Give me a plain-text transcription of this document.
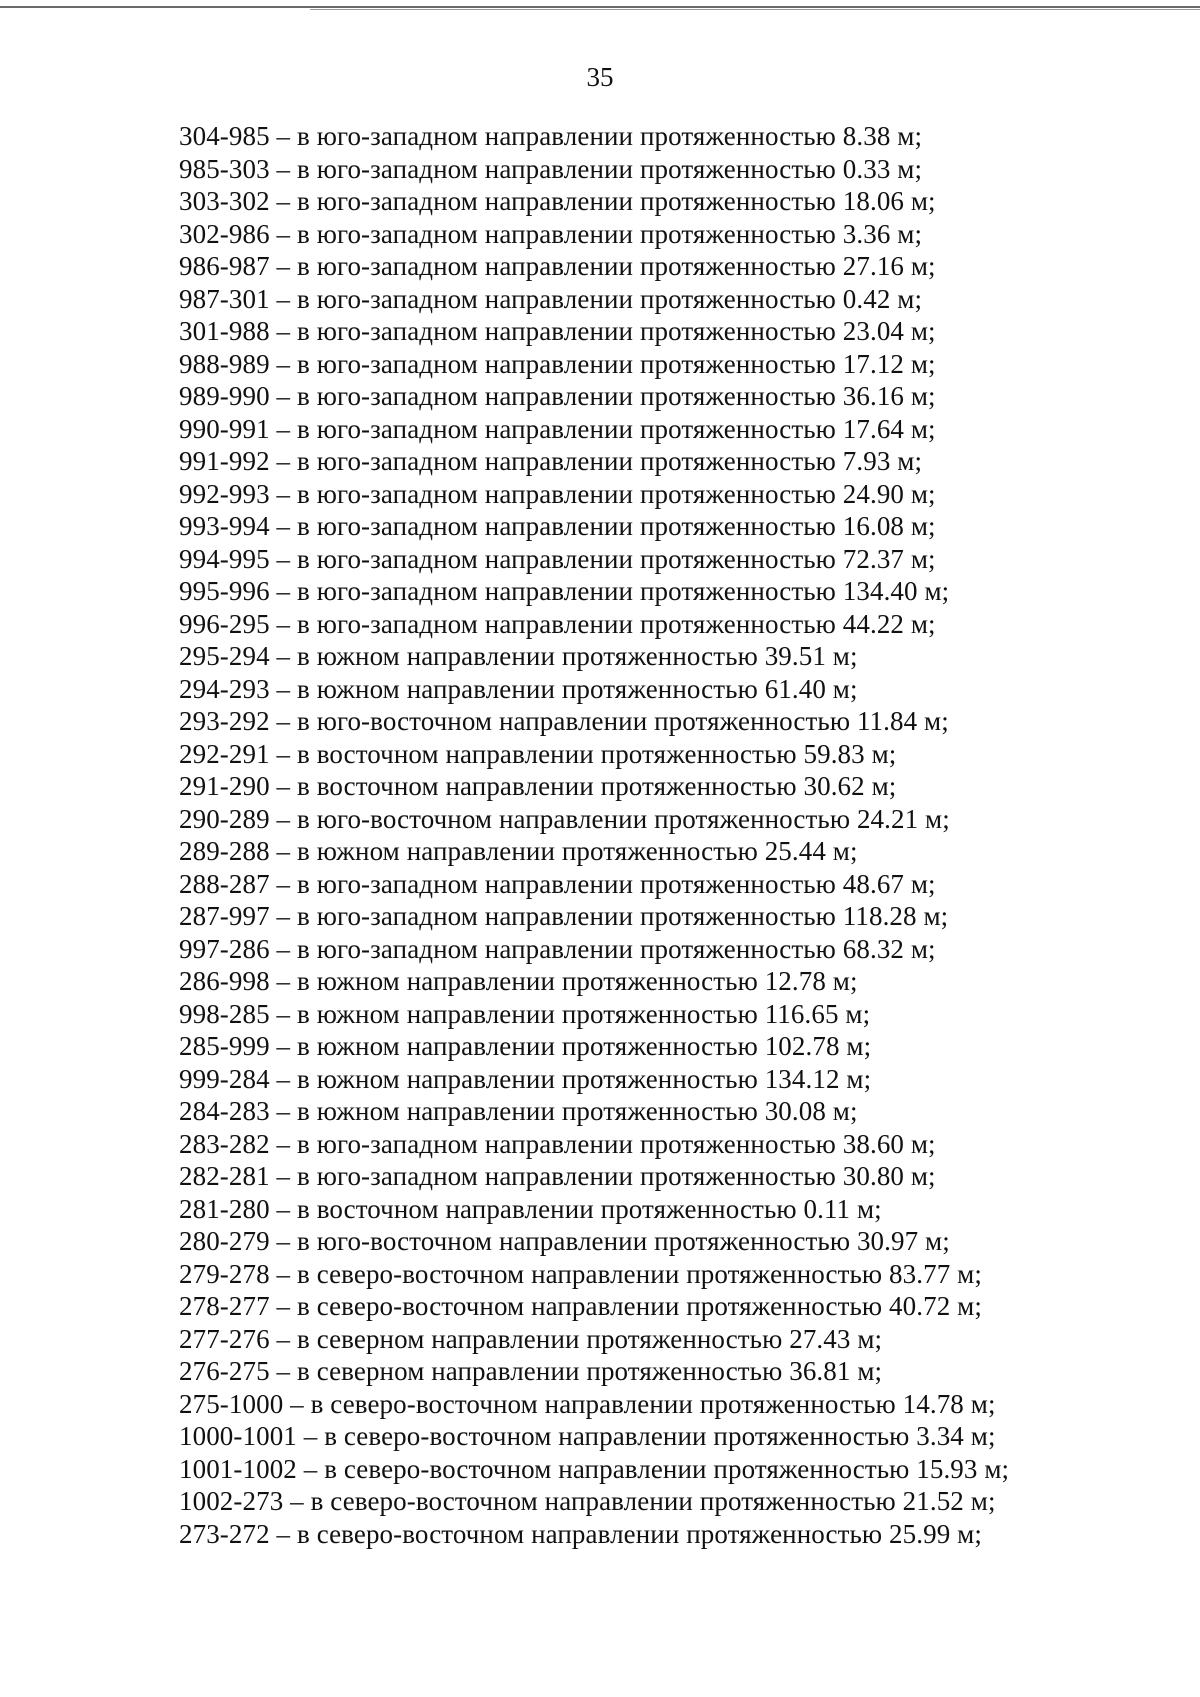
35
304-985 – в юго-западном направлении протяженностью 8.38 м;
985-303 – в юго-западном направлении протяженностью 0.33 м;
303-302 – в юго-западном направлении протяженностью 18.06 м;
302-986 – в юго-западном направлении протяженностью 3.36 м;
986-987 – в юго-западном направлении протяженностью 27.16 м;
987-301 – в юго-западном направлении протяженностью 0.42 м;
301-988 – в юго-западном направлении протяженностью 23.04 м;
988-989 – в юго-западном направлении протяженностью 17.12 м;
989-990 – в юго-западном направлении протяженностью 36.16 м;
990-991 – в юго-западном направлении протяженностью 17.64 м;
991-992 – в юго-западном направлении протяженностью 7.93 м;
992-993 – в юго-западном направлении протяженностью 24.90 м;
993-994 – в юго-западном направлении протяженностью 16.08 м;
994-995 – в юго-западном направлении протяженностью 72.37 м;
995-996 – в юго-западном направлении протяженностью 134.40 м;
996-295 – в юго-западном направлении протяженностью 44.22 м;
295-294 – в южном направлении протяженностью 39.51 м;
294-293 – в южном направлении протяженностью 61.40 м;
293-292 – в юго-восточном направлении протяженностью 11.84 м;
292-291 – в восточном направлении протяженностью 59.83 м;
291-290 – в восточном направлении протяженностью 30.62 м;
290-289 – в юго-восточном направлении протяженностью 24.21 м;
289-288 – в южном направлении протяженностью 25.44 м;
288-287 – в юго-западном направлении протяженностью 48.67 м;
287-997 – в юго-западном направлении протяженностью 118.28 м;
997-286 – в юго-западном направлении протяженностью 68.32 м;
286-998 – в южном направлении протяженностью 12.78 м;
998-285 – в южном направлении протяженностью 116.65 м;
285-999 – в южном направлении протяженностью 102.78 м;
999-284 – в южном направлении протяженностью 134.12 м;
284-283 – в южном направлении протяженностью 30.08 м;
283-282 – в юго-западном направлении протяженностью 38.60 м;
282-281 – в юго-западном направлении протяженностью 30.80 м;
281-280 – в восточном направлении протяженностью 0.11 м;
280-279 – в юго-восточном направлении протяженностью 30.97 м;
279-278 – в северо-восточном направлении протяженностью 83.77 м;
278-277 – в северо-восточном направлении протяженностью 40.72 м;
277-276 – в северном направлении протяженностью 27.43 м;
276-275 – в северном направлении протяженностью 36.81 м;
275-1000 – в северо-восточном направлении протяженностью 14.78 м;
1000-1001 – в северо-восточном направлении протяженностью 3.34 м;
1001-1002 – в северо-восточном направлении протяженностью 15.93 м;
1002-273 – в северо-восточном направлении протяженностью 21.52 м;
273-272 – в северо-восточном направлении протяженностью 25.99 м;
